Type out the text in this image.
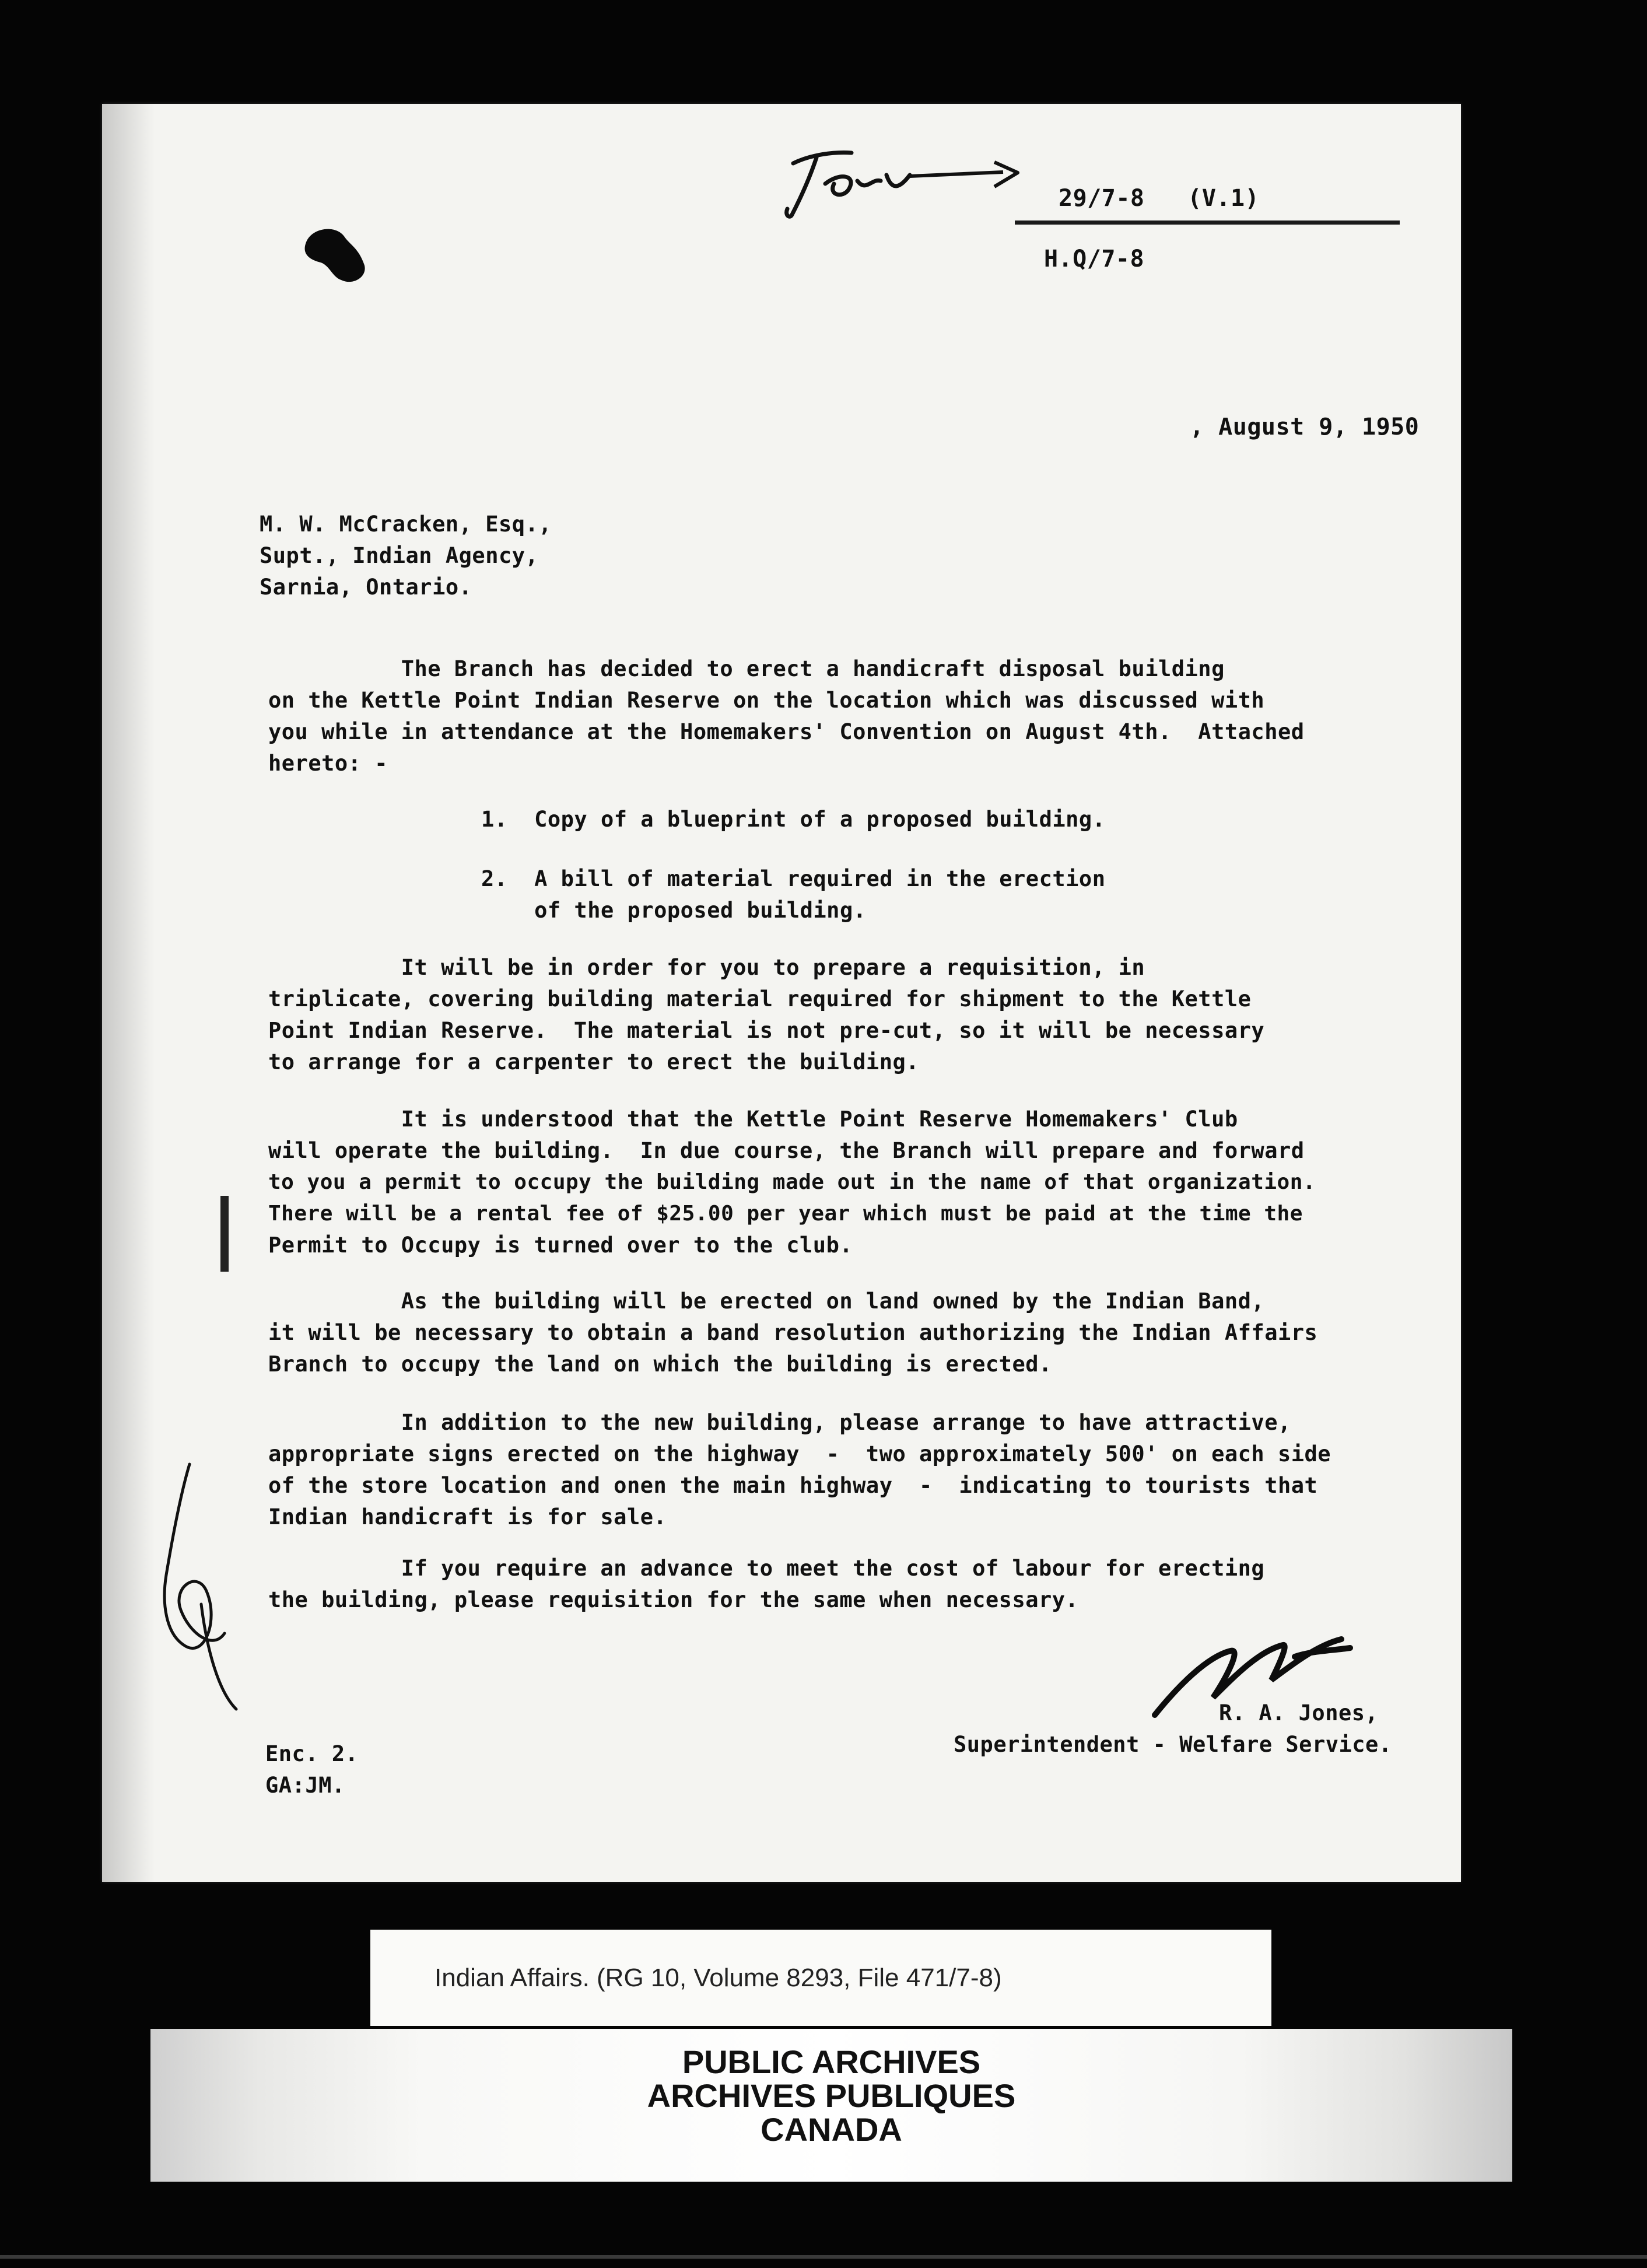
For
29/7-8   (V.1)
H.Q/7-8
, August 9, 1950
M. W. McCracken, Esq.,
Supt., Indian Agency,
Sarnia, Ontario.
The Branch has decided to erect a handicraft disposal building
on the Kettle Point Indian Reserve on the location which was discussed with
you while in attendance at the Homemakers' Convention on August 4th.  Attached
hereto: -
1.  Copy of a blueprint of a proposed building.
2.  A bill of material required in the erection
of the proposed building.
It will be in order for you to prepare a requisition, in
triplicate, covering building material required for shipment to the Kettle
Point Indian Reserve.  The material is not pre-cut, so it will be necessary
to arrange for a carpenter to erect the building.
It is understood that the Kettle Point Reserve Homemakers' Club
will operate the building.  In due course, the Branch will prepare and forward
to you a permit to occupy the building made out in the name of that organization.
There will be a rental fee of $25.00 per year which must be paid at the time the
Permit to Occupy is turned over to the club.
As the building will be erected on land owned by the Indian Band,
it will be necessary to obtain a band resolution authorizing the Indian Affairs
Branch to occupy the land on which the building is erected.
In addition to the new building, please arrange to have attractive,
appropriate signs erected on the highway  -  two approximately 500' on each side
of the store location and onen the main highway  -  indicating to tourists that
Indian handicraft is for sale.
If you require an advance to meet the cost of labour for erecting
the building, please requisition for the same when necessary.
R. A. Jones,
Superintendent - Welfare Service.
Enc. 2.
GA:JM.
Indian Affairs. (RG 10, Volume 8293, File 471/7-8)
PUBLIC ARCHIVES
ARCHIVES PUBLIQUES
CANADA
